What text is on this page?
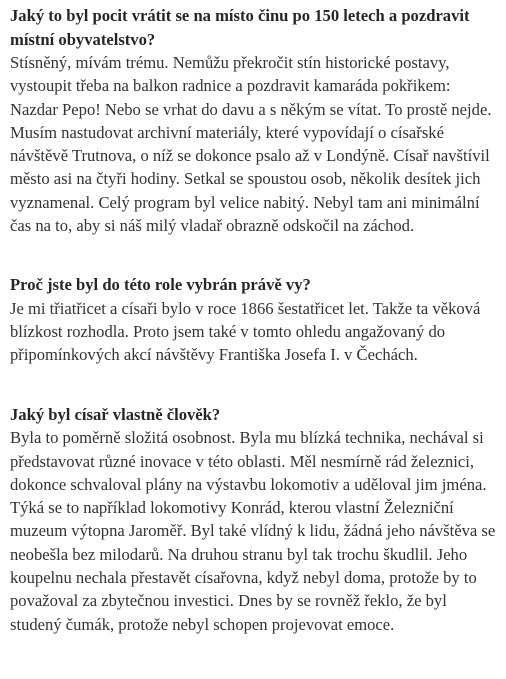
Jaký to byl pocit vrátit se na místo činu po 150 letech a pozdravit místní obyvatelstvo?

Stísněný, mívám trému. Nemůžu překročit stín historické postavy, vystoupit třeba na balkon radnice a pozdravit kamaráda pokřikem: Nazdar Pepo! Nebo se vrhat do davu a s někým se vítat. To prostě nejde. Musím nastudovat archivní materiály, které vypovídají o císařské návštěvě Trutnova, o níž se dokonce psalo až v Londýně. Císař navštívil město asi na čtyři hodiny. Setkal se spoustou osob, několik desítek jich vyznamenal. Celý program byl velice nabitý. Nebyl tam ani minimální čas na to, aby si náš milý vladař obrazně odskočil na záchod.

Proč jste byl do této role vybrán právě vy?

Je mi třiatřicet a císaři bylo v roce 1866 šestatřicet let. Takže ta věková blízkost rozhodla. Proto jsem také v tomto ohledu angažovaný do připomínkových akcí návštěvy Františka Josefa I. v Čechách.

Jaký byl císař vlastně člověk?

Byla to poměrně složitá osobnost. Byla mu blízká technika, nechával si představovat různé inovace v této oblasti. Měl nesmírně rád železnici, dokonce schvaloval plány na výstavbu lokomotiv a uděloval jim jména. Týká se to například lokomotivy Konrád, kterou vlastní Železniční muzeum výtopna Jaroměř. Byl také vlídný k lidu, žádná jeho návštěva se neobešla bez milodarů. Na druhou stranu byl tak trochu škudlil. Jeho koupelnu nechala přestavět císařovna, když nebyl doma, protože by to považoval za zbytečnou investici. Dnes by se rovněž řeklo, že byl studený čumák, protože nebyl schopen projevovat emoce.
